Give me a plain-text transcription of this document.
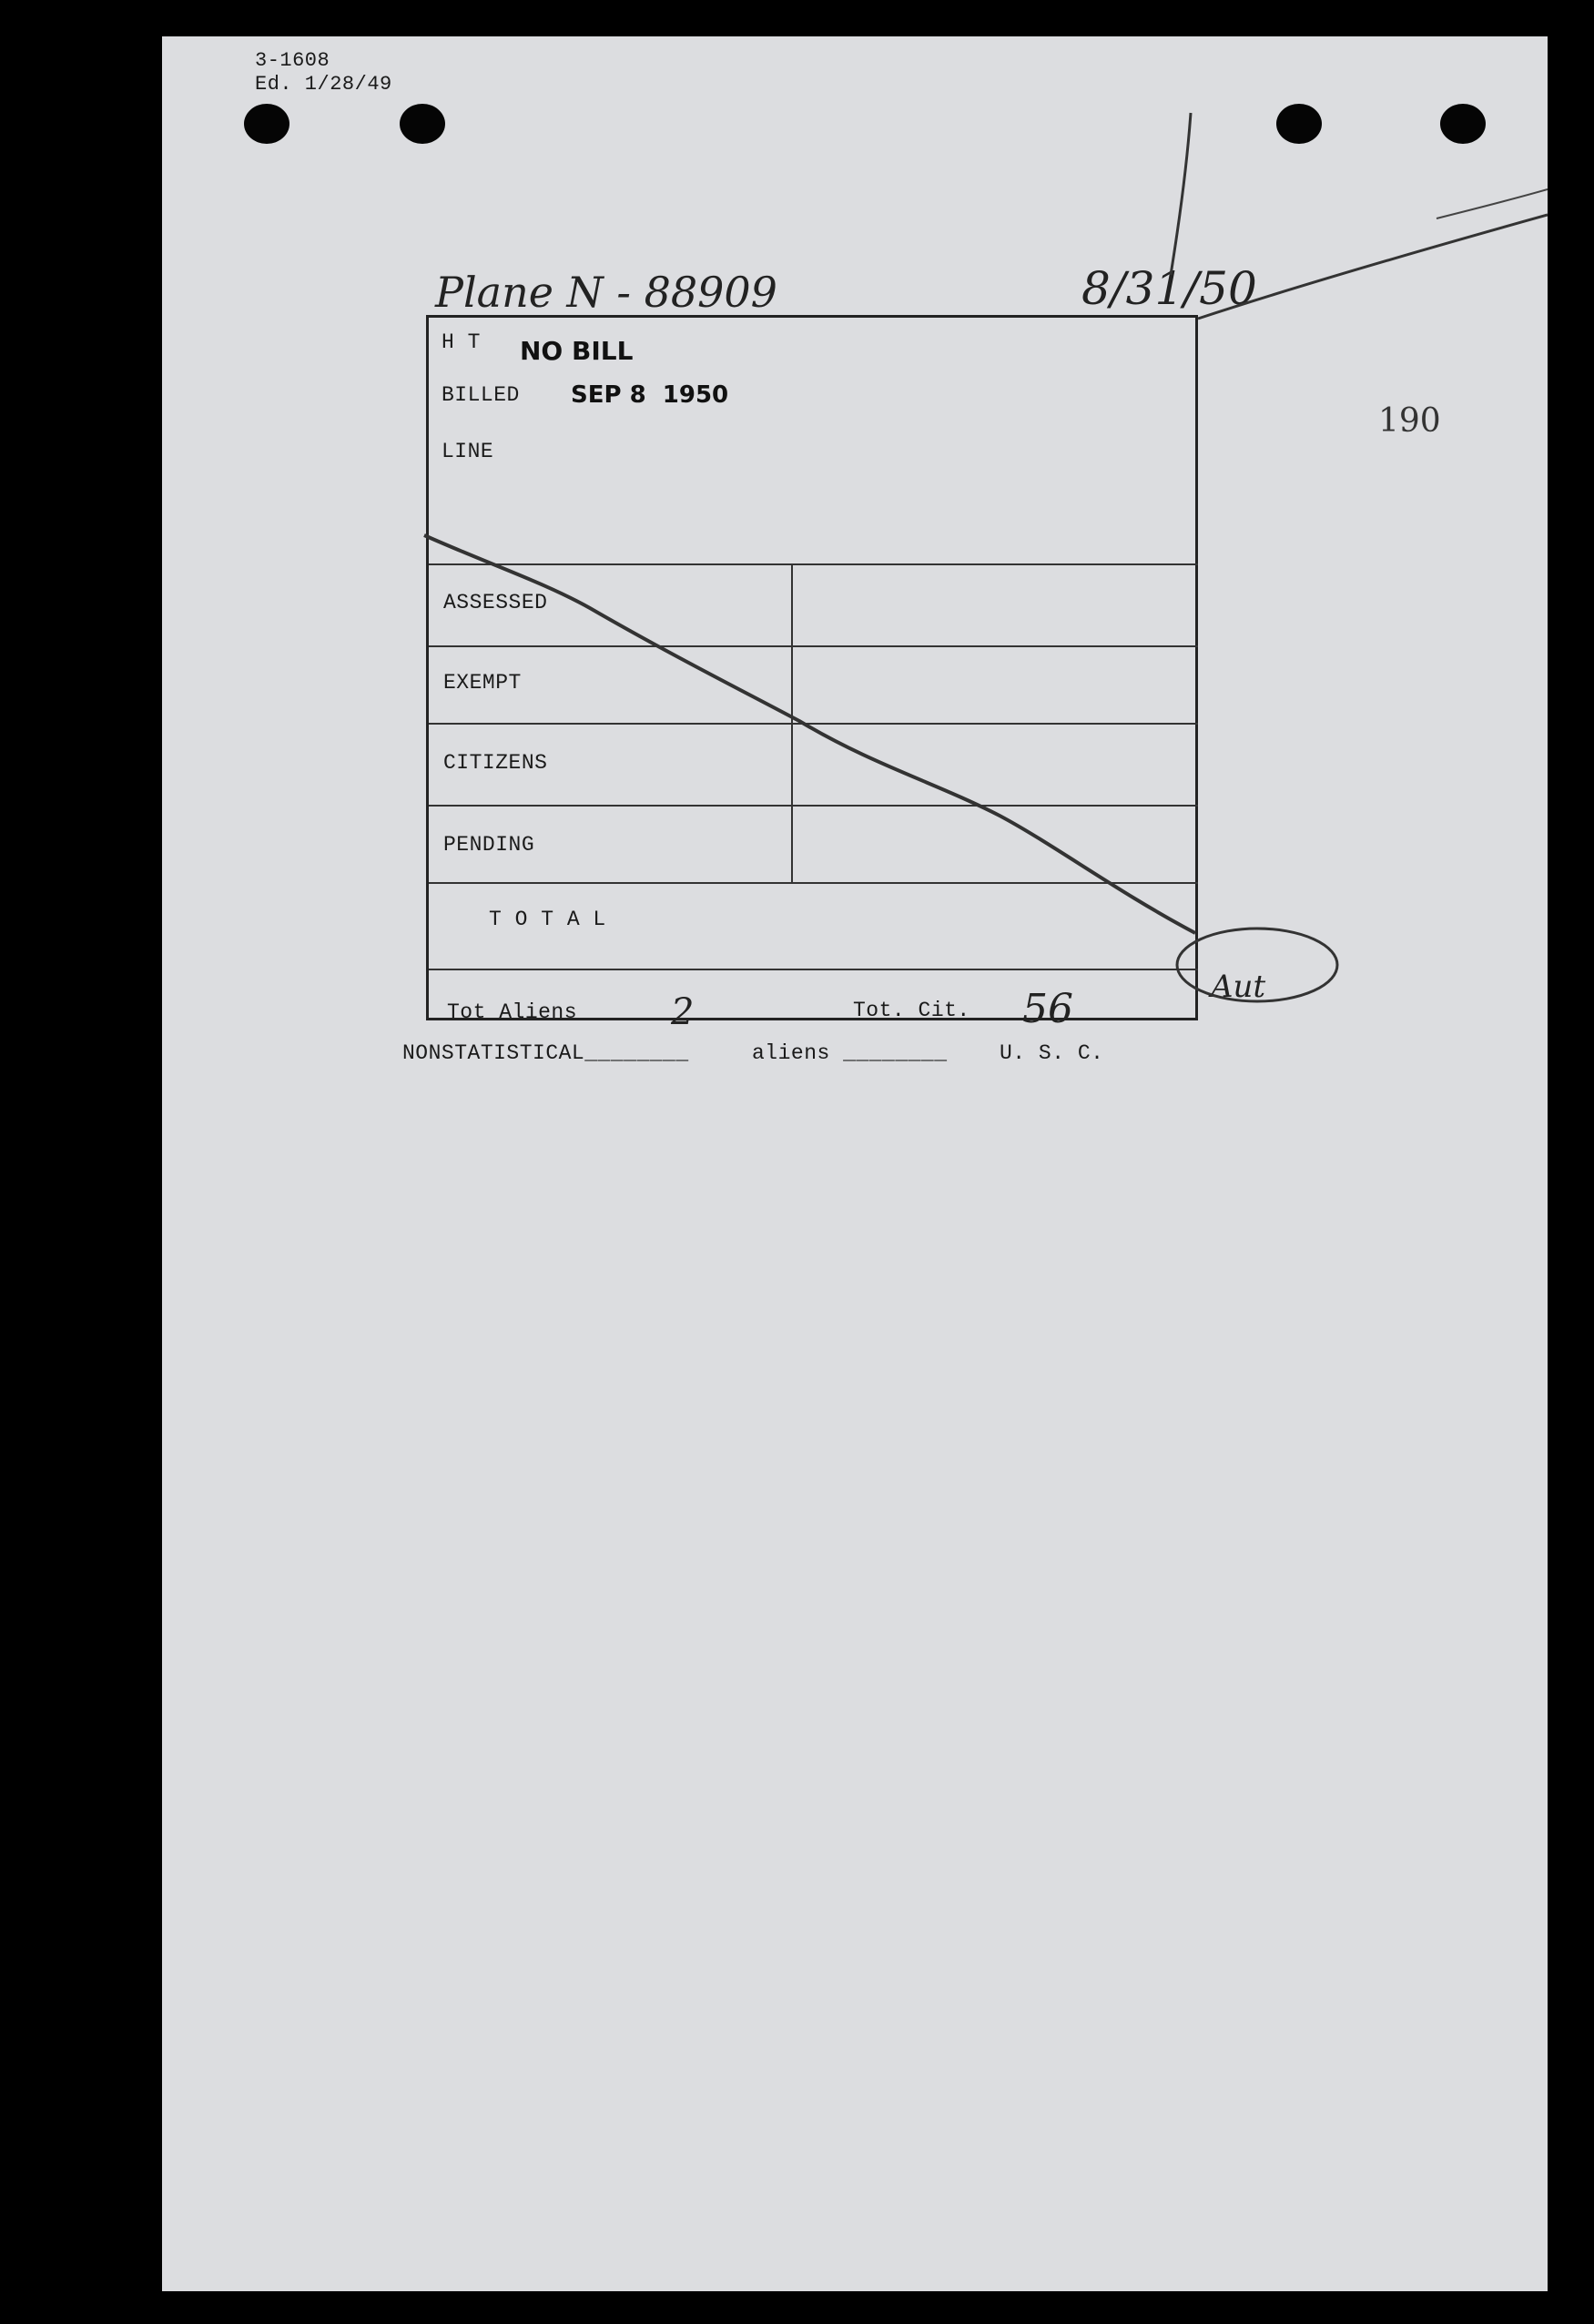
3-1608
Ed. 1/28/49
Plane N - 88909	8/31/50
190
H T NO BILL
BILLED SEP 8  1950
LINE
ASSESSED
EXEMPT
CITIZENS
PENDING
T O T A L
Tot Aliens	2	Tot. Cit. 56	Aut
NONSTATISTICAL________	aliens ________ U. S. C.
